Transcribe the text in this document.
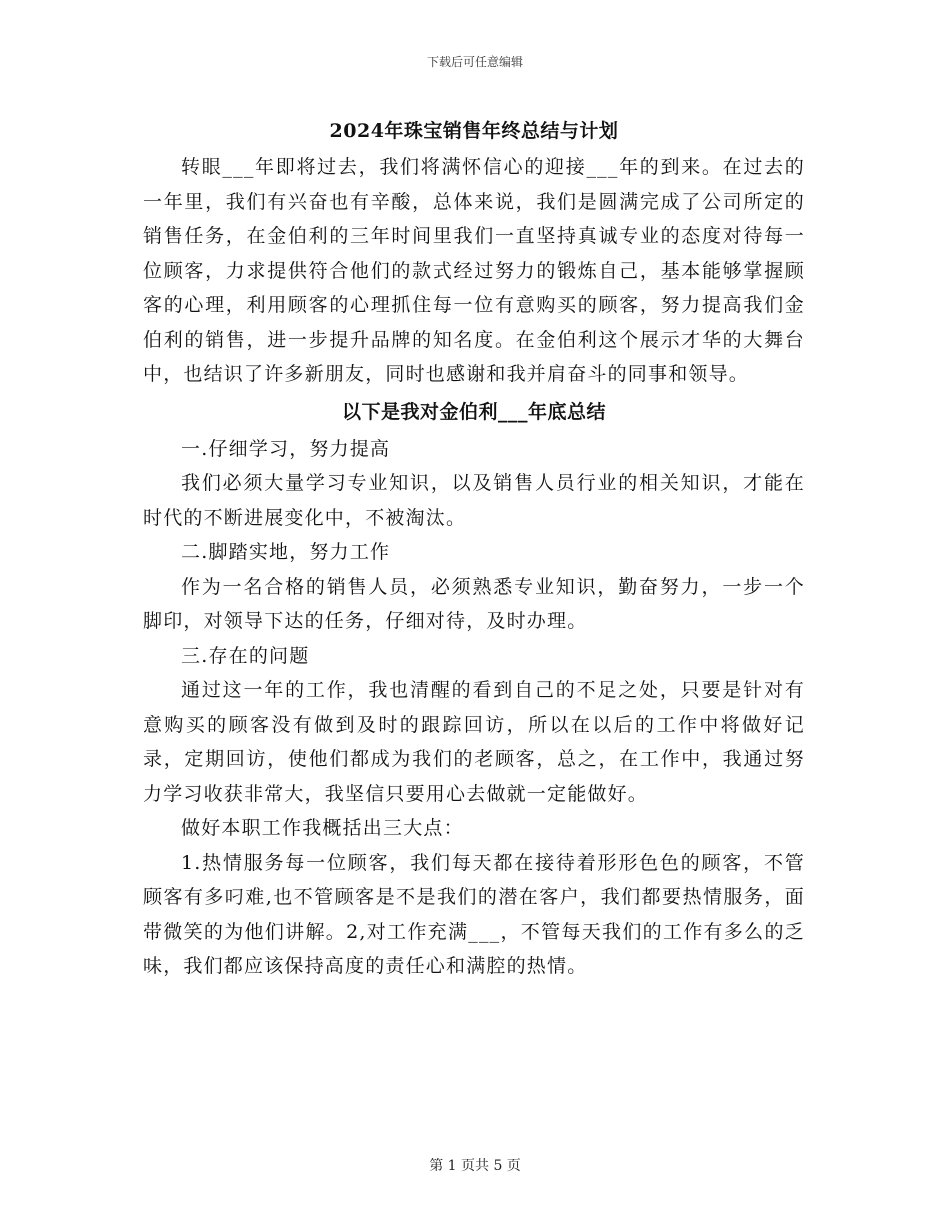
下载后可任意编辑
2024年珠宝销售年终总结与计划

转眼___年即将过去，我们将满怀信心的迎接___年的到来。在过去的一年里，我们有兴奋也有辛酸，总体来说，我们是圆满完成了公司所定的销售任务，在金伯利的三年时间里我们一直坚持真诚专业的态度对待每一位顾客，力求提供符合他们的款式经过努力的锻炼自己，基本能够掌握顾客的心理，利用顾客的心理抓住每一位有意购买的顾客，努力提高我们金伯利的销售，进一步提升品牌的知名度。在金伯利这个展示才华的大舞台中，也结识了许多新朋友，同时也感谢和我并肩奋斗的同事和领导。

以下是我对金伯利___年底总结

一.仔细学习，努力提高

我们必须大量学习专业知识，以及销售人员行业的相关知识，才能在时代的不断进展变化中，不被淘汰。

二.脚踏实地，努力工作

作为一名合格的销售人员，必须熟悉专业知识，勤奋努力，一步一个脚印，对领导下达的任务，仔细对待，及时办理。

三.存在的问题

通过这一年的工作，我也清醒的看到自己的不足之处，只要是针对有意购买的顾客没有做到及时的跟踪回访，所以在以后的工作中将做好记录，定期回访，使他们都成为我们的老顾客，总之，在工作中，我通过努力学习收获非常大，我坚信只要用心去做就一定能做好。

做好本职工作我概括出三大点：

1.热情服务每一位顾客，我们每天都在接待着形形色色的顾客，不管顾客有多叼难,也不管顾客是不是我们的潜在客户，我们都要热情服务，面带微笑的为他们讲解。2,对工作充满___，不管每天我们的工作有多么的乏味，我们都应该保持高度的责任心和满腔的热情。

第 1 页共 5 页
